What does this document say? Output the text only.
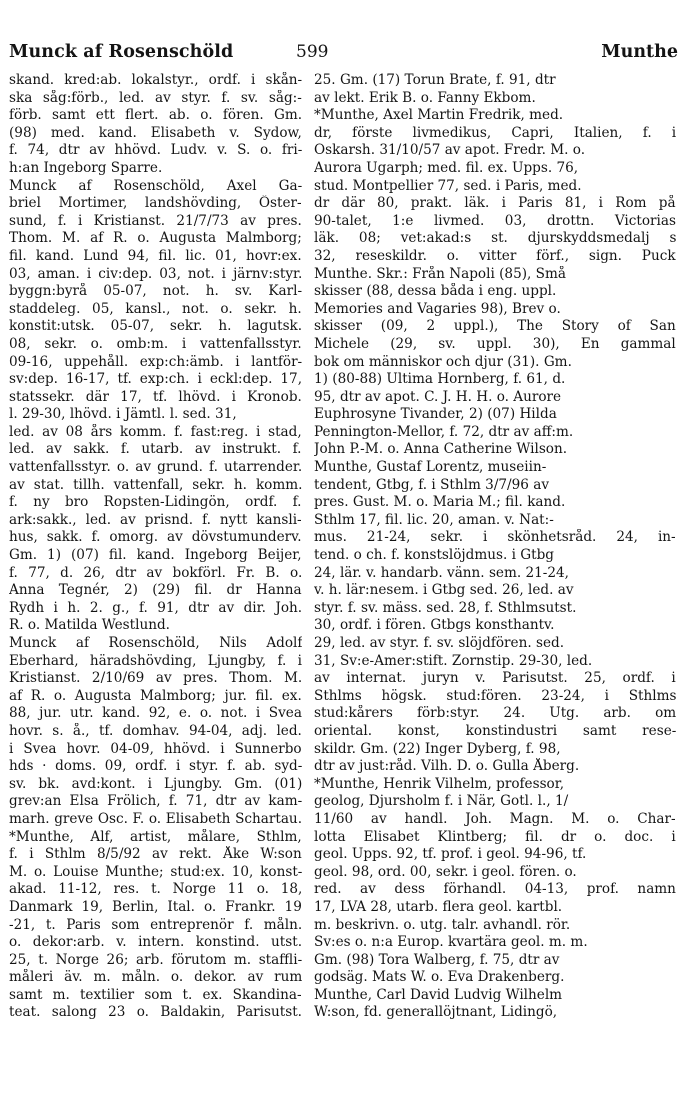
Munck af Rosenschöld	599	Munthe
skand. kred:ab. lokalstyr., ordf. i skån-
ska såg:förb., led. av styr. f. sv. såg:-
förb. samt ett flert. ab. o. fören. Gm.
(98) med. kand. Elisabeth v. Sydow,
f. 74, dtr av hhövd. Ludv. v. S. o. fri-
h:an Ingeborg Sparre.
Munck af Rosenschöld, Axel Ga-
briel Mortimer, landshövding, Öster-
sund, f. i Kristianst. 21/7/73 av pres.
Thom. M. af R. o. Augusta Malmborg;
fil. kand. Lund 94, fil. lic. 01, hovr:ex.
03, aman. i civ:dep. 03, not. i järnv:styr.
byggn:byrå 05-07, not. h. sv. Karl-
staddeleg. 05, kansl., not. o. sekr. h.
konstit:utsk. 05-07, sekr. h. lagutsk.
08, sekr. o. omb:m. i vattenfallsstyr.
09-16, uppehåll. exp:ch:ämb. i lantför-
sv:dep. 16-17, tf. exp:ch. i eckl:dep. 17,
statssekr. där 17, tf. lhövd. i Kronob.
l. 29-30, lhövd. i Jämtl. l. sed. 31,
led. av 08 års komm. f. fast:reg. i stad,
led. av sakk. f. utarb. av instrukt. f.
vattenfallsstyr. o. av grund. f. utarrender.
av stat. tillh. vattenfall, sekr. h. komm.
f. ny bro Ropsten-Lidingön, ordf. f.
ark:sakk., led. av prisnd. f. nytt kansli-
hus, sakk. f. omorg. av dövstumunderv.
Gm. 1) (07) fil. kand. Ingeborg Beijer,
f. 77, d. 26, dtr av bokförl. Fr. B. o.
Anna Tegnér, 2) (29) fil. dr Hanna
Rydh i h. 2. g., f. 91, dtr av dir. Joh.
R. o. Matilda Westlund.
Munck af Rosenschöld, Nils Adolf
Eberhard, häradshövding, Ljungby, f. i
Kristianst. 2/10/69 av pres. Thom. M.
af R. o. Augusta Malmborg; jur. fil. ex.
88, jur. utr. kand. 92, e. o. not. i Svea
hovr. s. å., tf. domhav. 94-04, adj. led.
i Svea hovr. 04-09, hhövd. i Sunnerbo
hds · doms. 09, ordf. i styr. f. ab. syd-
sv. bk. avd:kont. i Ljungby. Gm. (01)
grev:an Elsa Frölich, f. 71, dtr av kam-
marh. greve Osc. F. o. Elisabeth Schartau.
*Munthe, Alf, artist, målare, Sthlm,
f. i Sthlm 8/5/92 av rekt. Åke W:son
M. o. Louise Munthe; stud:ex. 10, konst-
akad. 11-12, res. t. Norge 11 o. 18,
Danmark 19, Berlin, Ital. o. Frankr. 19
-21, t. Paris som entreprenör f. måln.
o. dekor:arb. v. intern. konstind. utst.
25, t. Norge 26; arb. förutom m. staffli-
måleri äv. m. måln. o. dekor. av rum
samt m. textilier som t. ex. Skandina-
teat. salong 23 o. Baldakin, Parisutst.
25. Gm. (17) Torun Brate, f. 91, dtr
av lekt. Erik B. o. Fanny Ekbom.
*Munthe, Axel Martin Fredrik, med.
dr, förste livmedikus, Capri, Italien, f. i
Oskarsh. 31/10/57 av apot. Fredr. M. o.
Aurora Ugarph; med. fil. ex. Upps. 76,
stud. Montpellier 77, sed. i Paris, med.
dr där 80, prakt. läk. i Paris 81, i Rom på
90-talet, 1:e livmed. 03, drottn. Victorias
läk. 08; vet:akad:s st. djurskyddsmedalj s
32, reseskildr. o. vitter förf., sign. Puck
Munthe. Skr.: Från Napoli (85), Små
skisser (88, dessa båda i eng. uppl.
Memories and Vagaries 98), Brev o.
skisser (09, 2 uppl.), The Story of San
Michele (29, sv. uppl. 30), En gammal
bok om människor och djur (31). Gm.
1) (80-88) Ultima Hornberg, f. 61, d.
95, dtr av apot. C. J. H. H. o. Aurore
Euphrosyne Tivander, 2) (07) Hilda
Pennington-Mellor, f. 72, dtr av aff:m.
John P.-M. o. Anna Catherine Wilson.
Munthe, Gustaf Lorentz, museiin-
tendent, Gtbg, f. i Sthlm 3/7/96 av
pres. Gust. M. o. Maria M.; fil. kand.
Sthlm 17, fil. lic. 20, aman. v. Nat:-
mus. 21-24, sekr. i skönhetsråd. 24, in-
tend. o ch. f. konstslöjdmus. i Gtbg
24, lär. v. handarb. vänn. sem. 21-24,
v. h. lär:nesem. i Gtbg sed. 26, led. av
styr. f. sv. mäss. sed. 28, f. Sthlmsutst.
30, ordf. i fören. Gtbgs konsthantv.
29, led. av styr. f. sv. slöjdfören. sed.
31, Sv:e-Amer:stift. Zornstip. 29-30, led.
av internat. juryn v. Parisutst. 25, ordf. i
Sthlms högsk. stud:fören. 23-24, i Sthlms
stud:kårers förb:styr. 24. Utg. arb. om
oriental. konst, konstindustri samt rese-
skildr. Gm. (22) Inger Dyberg, f. 98,
dtr av just:råd. Vilh. D. o. Gulla Åberg.
*Munthe, Henrik Vilhelm, professor,
geolog, Djursholm f. i När, Gotl. l., 1/
11/60 av handl. Joh. Magn. M. o. Char-
lotta Elisabet Klintberg; fil. dr o. doc. i
geol. Upps. 92, tf. prof. i geol. 94-96, tf.
geol. 98, ord. 00, sekr. i geol. fören. o.
red. av dess förhandl. 04-13, prof. namn
17, LVA 28, utarb. flera geol. kartbl.
m. beskrivn. o. utg. talr. avhandl. rör.
Sv:es o. n:a Europ. kvartära geol. m. m.
Gm. (98) Tora Walberg, f. 75, dtr av
godsäg. Mats W. o. Eva Drakenberg.
Munthe, Carl David Ludvig Wilhelm
W:son, fd. generallöjtnant, Lidingö,
